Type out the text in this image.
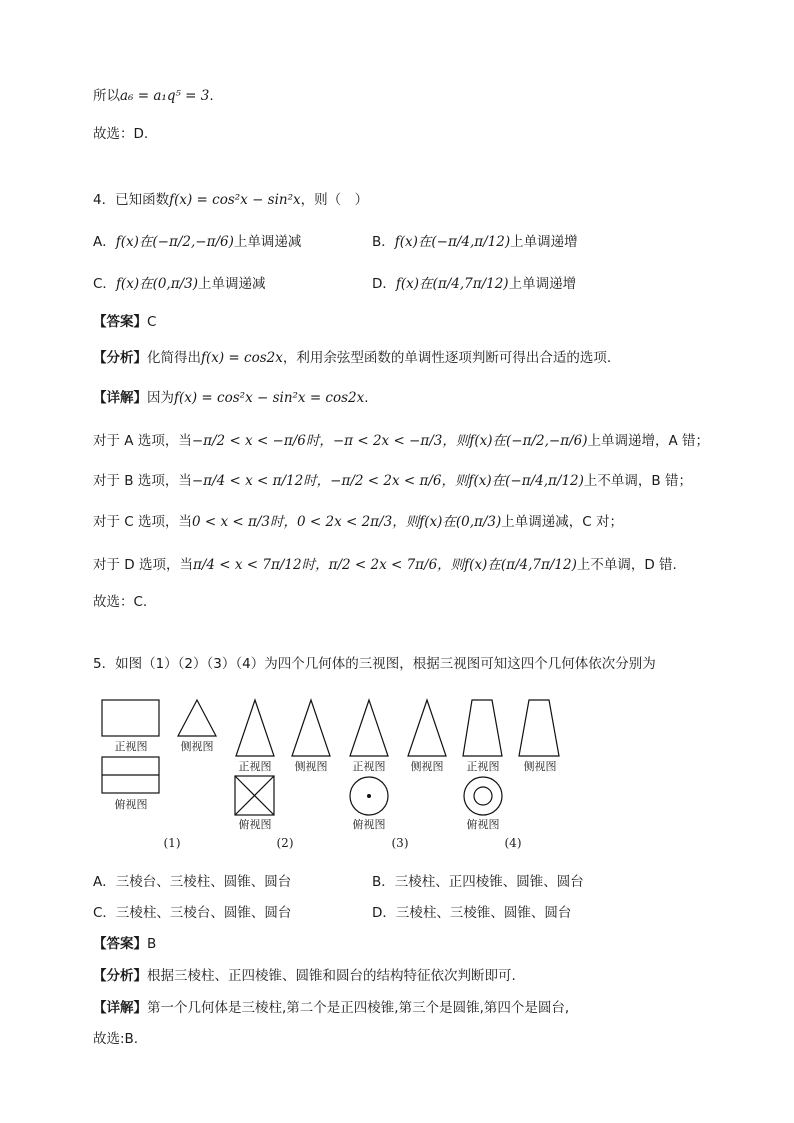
所以a₆ = a₁q⁵ = 3.
故选：D.
4．已知函数f(x) = cos²x − sin²x，则（　）
A．f(x)在(−π/2,−π/6)上单调递减	B．f(x)在(−π/4,π/12)上单调递增
C．f(x)在(0,π/3)上单调递减	D．f(x)在(π/4,7π/12)上单调递增
【答案】C
【分析】化简得出f(x) = cos2x，利用余弦型函数的单调性逐项判断可得出合适的选项.
【详解】因为f(x) = cos²x − sin²x = cos2x.
对于 A 选项，当−π/2 < x < −π/6时，−π < 2x < −π/3，则f(x)在(−π/2,−π/6)上单调递增，A 错；
对于 B 选项，当−π/4 < x < π/12时，−π/2 < 2x < π/6，则f(x)在(−π/4,π/12)上不单调，B 错；
对于 C 选项，当0 < x < π/3时，0 < 2x < 2π/3，则f(x)在(0,π/3)上单调递减，C 对；
对于 D 选项，当π/4 < x < 7π/12时，π/2 < 2x < 7π/6，则f(x)在(π/4,7π/12)上不单调，D 错.
故选：C.
5．如图（1）（2）（3）（4）为四个几何体的三视图，根据三视图可知这四个几何体依次分别为
正视图	侧视图
俯视图
正视图 侧视图
俯视图
正视图 侧视图
俯视图
正视图 侧视图
俯视图
(1)	(2)	(3)	(4)
A．三棱台、三棱柱、圆锥、圆台	B．三棱柱、正四棱锥、圆锥、圆台
C．三棱柱、三棱台、圆锥、圆台	D．三棱柱、三棱锥、圆锥、圆台
【答案】B
【分析】根据三棱柱、正四棱锥、圆锥和圆台的结构特征依次判断即可.
【详解】第一个几何体是三棱柱,第二个是正四棱锥,第三个是圆锥,第四个是圆台,
故选:B.
